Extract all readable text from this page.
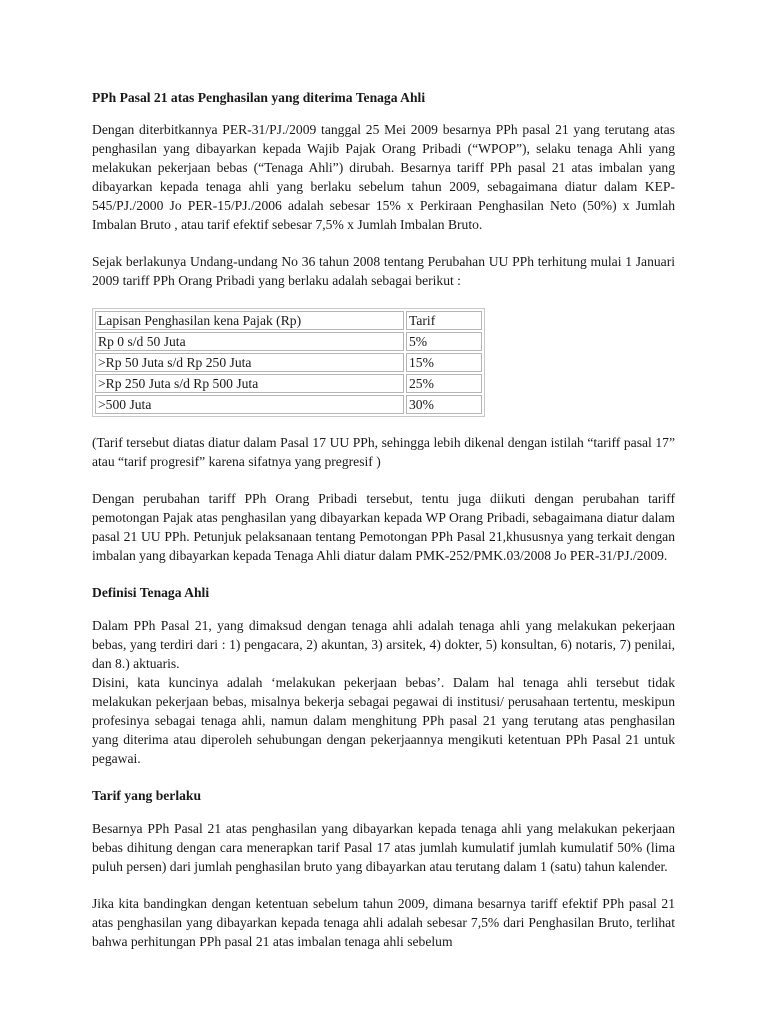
PPh Pasal 21 atas Penghasilan yang diterima Tenaga Ahli

Dengan diterbitkannya PER-31/PJ./2009 tanggal 25 Mei 2009 besarnya PPh pasal 21 yang terutang atas penghasilan yang dibayarkan kepada Wajib Pajak Orang Pribadi (“WPOP”), selaku tenaga Ahli yang melakukan pekerjaan bebas (“Tenaga Ahli”) dirubah. Besarnya tariff PPh pasal 21 atas imbalan yang dibayarkan kepada tenaga ahli yang berlaku sebelum tahun 2009, sebagaimana diatur dalam KEP-545/PJ./2000 Jo PER-15/PJ./2006 adalah sebesar 15% x Perkiraan Penghasilan Neto (50%) x Jumlah Imbalan Bruto , atau tarif efektif sebesar 7,5% x Jumlah Imbalan Bruto.

Sejak berlakunya Undang-undang No 36 tahun 2008 tentang Perubahan UU PPh terhitung mulai 1 Januari 2009 tariff PPh Orang Pribadi yang berlaku adalah sebagai berikut :

Lapisan Penghasilan kena Pajak (Rp)	Tarif
Rp 0 s/d 50 Juta	5%
>Rp 50 Juta s/d Rp 250 Juta	15%
>Rp 250 Juta s/d Rp 500 Juta	25%
>500 Juta	30%

(Tarif tersebut diatas diatur dalam Pasal 17 UU PPh, sehingga lebih dikenal dengan istilah “tariff pasal 17” atau “tarif progresif” karena sifatnya yang pregresif )

Dengan perubahan tariff PPh Orang Pribadi tersebut, tentu juga diikuti dengan perubahan tariff pemotongan Pajak atas penghasilan yang dibayarkan kepada WP Orang Pribadi, sebagaimana diatur dalam pasal 21 UU PPh. Petunjuk pelaksanaan tentang Pemotongan PPh Pasal 21,khususnya yang terkait dengan imbalan yang dibayarkan kepada Tenaga Ahli diatur dalam PMK-252/PMK.03/2008 Jo PER-31/PJ./2009.

Definisi Tenaga Ahli

Dalam PPh Pasal 21, yang dimaksud dengan tenaga ahli adalah tenaga ahli yang melakukan pekerjaan bebas, yang terdiri dari : 1) pengacara, 2) akuntan, 3) arsitek, 4) dokter, 5) konsultan, 6) notaris, 7) penilai, dan 8.) aktuaris.

Disini, kata kuncinya adalah ‘melakukan pekerjaan bebas’. Dalam hal tenaga ahli tersebut tidak melakukan pekerjaan bebas, misalnya bekerja sebagai pegawai di institusi/ perusahaan tertentu, meskipun profesinya sebagai tenaga ahli, namun dalam menghitung PPh pasal 21 yang terutang atas penghasilan yang diterima atau diperoleh sehubungan dengan pekerjaannya mengikuti ketentuan PPh Pasal 21 untuk pegawai.

Tarif yang berlaku

Besarnya PPh Pasal 21 atas penghasilan yang dibayarkan kepada tenaga ahli yang melakukan pekerjaan bebas dihitung dengan cara menerapkan tarif Pasal 17 atas jumlah kumulatif jumlah kumulatif 50% (lima puluh persen) dari jumlah penghasilan bruto yang dibayarkan atau terutang dalam 1 (satu) tahun kalender.

Jika kita bandingkan dengan ketentuan sebelum tahun 2009, dimana besarnya tariff efektif PPh pasal 21 atas penghasilan yang dibayarkan kepada tenaga ahli adalah sebesar 7,5% dari Penghasilan Bruto, terlihat bahwa perhitungan PPh pasal 21 atas imbalan tenaga ahli sebelum
